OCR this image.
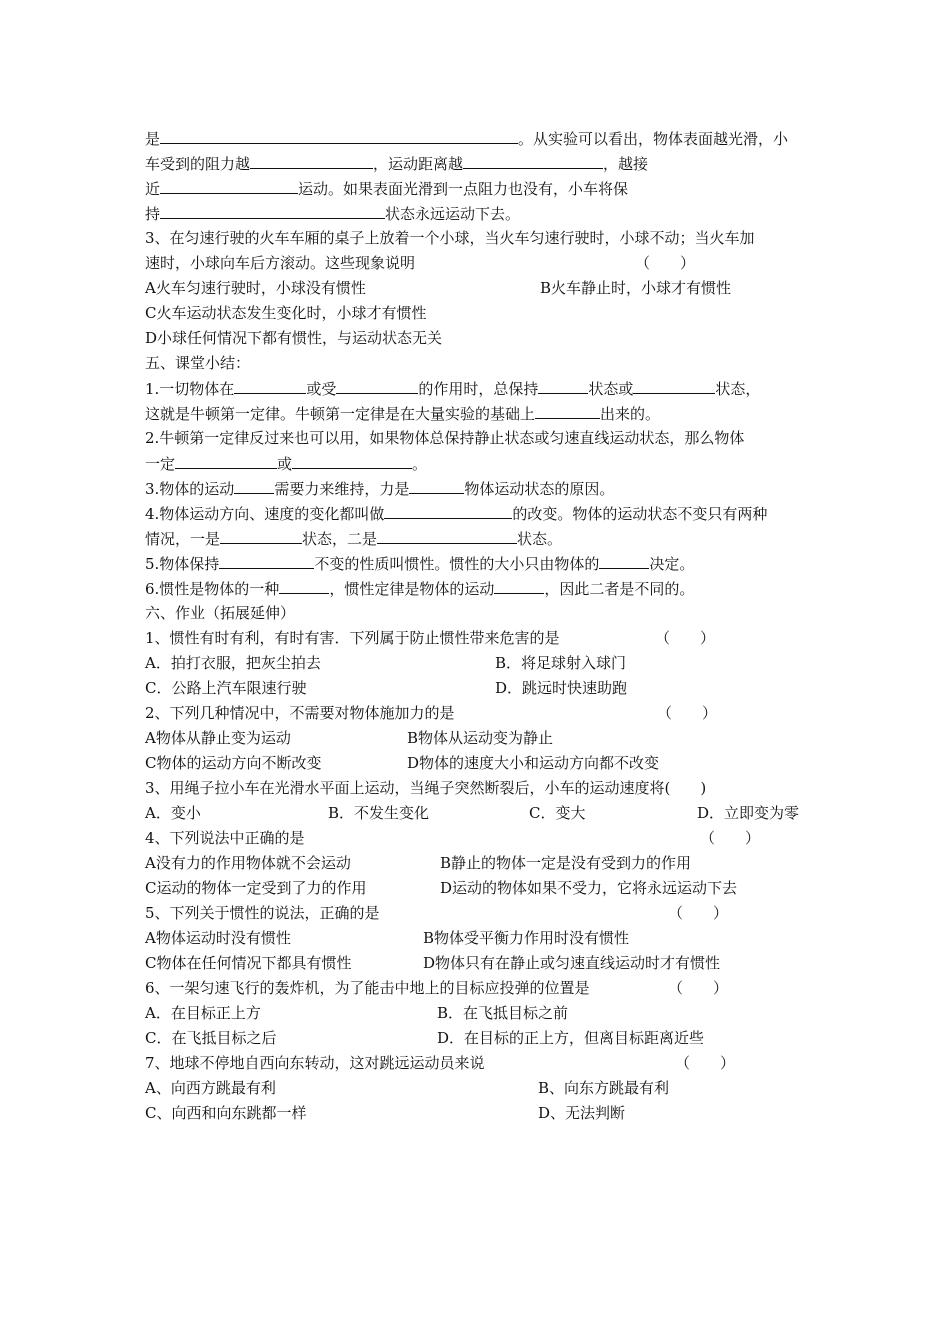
是	。从实验可以看出，物体表面越光滑，小
车受到的阻力越	，运动距离越	，越接
近	运动。如果表面光滑到一点阻力也没有，小车将保
持	状态永远运动下去。
3、在匀速行驶的火车车厢的桌子上放着一个小球，当火车匀速行驶时，小球不动；当火车加
速时，小球向车后方滚动。这些现象说明	（　　）
A火车匀速行驶时，小球没有惯性	B火车静止时，小球才有惯性
C火车运动状态发生变化时，小球才有惯性
D小球任何情况下都有惯性，与运动状态无关
五、课堂小结：
1.一切物体在	或受	的作用时，总保持	状态或	状态，
这就是牛顿第一定律。牛顿第一定律是在大量实验的基础上	出来的。
2.牛顿第一定律反过来也可以用，如果物体总保持静止状态或匀速直线运动状态，那么物体
一定	或	。
3.物体的运动	需要力来维持，力是	物体运动状态的原因。
4.物体运动方向、速度的变化都叫做	的改变。物体的运动状态不变只有两种
情况，一是	状态，二是	状态。
5.物体保持	不变的性质叫惯性。惯性的大小只由物体的	决定。
6.惯性是物体的一种	，惯性定律是物体的运动	，因此二者是不同的。
六、作业（拓展延伸）
1、惯性有时有利，有时有害．下列属于防止惯性带来危害的是	（　　）
A．拍打衣服，把灰尘拍去	B．将足球射入球门
C．公路上汽车限速行驶	D．跳远时快速助跑
2、下列几种情况中，不需要对物体施加力的是	（　　）
A物体从静止变为运动	B物体从运动变为静止
C物体的运动方向不断改变	D物体的速度大小和运动方向都不改变
3、用绳子拉小车在光滑水平面上运动，当绳子突然断裂后，小车的运动速度将(　　)
A．变小	B．不发生变化	C．变大	D．立即变为零
4、下列说法中正确的是	（　　）
A没有力的作用物体就不会运动	B静止的物体一定是没有受到力的作用
C运动的物体一定受到了力的作用	D运动的物体如果不受力，它将永远运动下去
5、下列关于惯性的说法，正确的是	（　　）
A物体运动时没有惯性	B物体受平衡力作用时没有惯性
C物体在任何情况下都具有惯性	D物体只有在静止或匀速直线运动时才有惯性
6、一架匀速飞行的轰炸机，为了能击中地上的目标应投弹的位置是	（　　）
A．在目标正上方	B．在飞抵目标之前
C．在飞抵目标之后	D．在目标的正上方，但离目标距离近些
7、地球不停地自西向东转动，这对跳远运动员来说	（　　）
A、向西方跳最有利	B、向东方跳最有利
C、向西和向东跳都一样	D、无法判断
